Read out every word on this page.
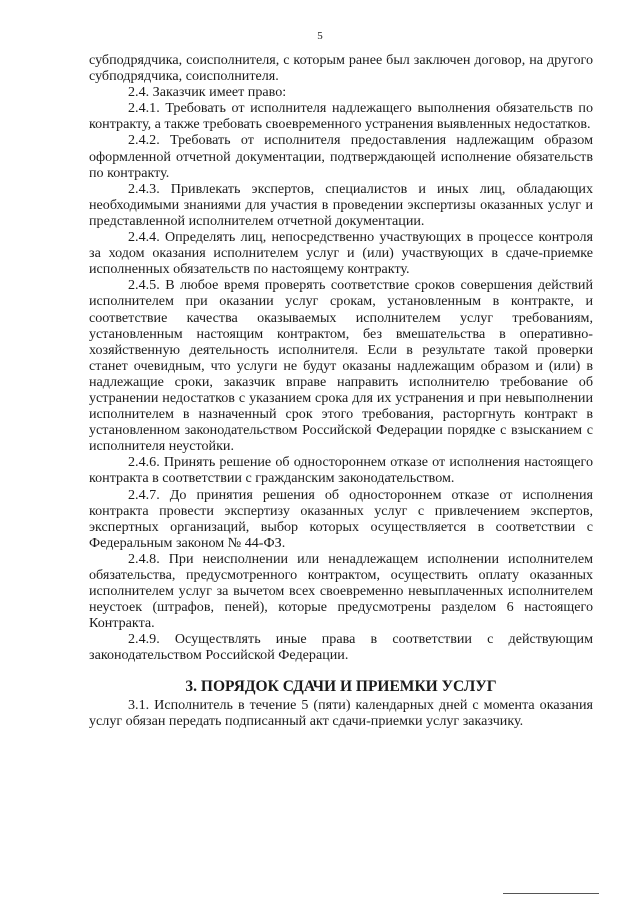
5

субподрядчика, соисполнителя, с которым ранее был заключен договор, на другого субподрядчика, соисполнителя.

2.4. Заказчик имеет право:

2.4.1. Требовать от исполнителя надлежащего выполнения обязательств по контракту, а также требовать своевременного устранения выявленных недостатков.

2.4.2. Требовать от исполнителя предоставления надлежащим образом оформленной отчетной документации, подтверждающей исполнение обязательств по контракту.

2.4.3. Привлекать экспертов, специалистов и иных лиц, обладающих необходимыми знаниями для участия в проведении экспертизы оказанных услуг и представленной исполнителем отчетной документации.

2.4.4. Определять лиц, непосредственно участвующих в процессе контроля за ходом оказания исполнителем услуг и (или) участвующих в сдаче-приемке исполненных обязательств по настоящему контракту.

2.4.5. В любое время проверять соответствие сроков совершения действий исполнителем при оказании услуг срокам, установленным в контракте, и соответствие качества оказываемых исполнителем услуг требованиям, установленным настоящим контрактом, без вмешательства в оперативно-хозяйственную деятельность исполнителя. Если в результате такой проверки станет очевидным, что услуги не будут оказаны надлежащим образом и (или) в надлежащие сроки, заказчик вправе направить исполнителю требование об устранении недостатков с указанием срока для их устранения и при невыполнении исполнителем в назначенный срок этого требования, расторгнуть контракт в установленном законодательством Российской Федерации порядке с взысканием с исполнителя неустойки.

2.4.6. Принять решение об одностороннем отказе от исполнения настоящего контракта в соответствии с гражданским законодательством.

2.4.7. До принятия решения об одностороннем отказе от исполнения контракта провести экспертизу оказанных услуг с привлечением экспертов, экспертных организаций, выбор которых осуществляется в соответствии с Федеральным законом № 44-ФЗ.

2.4.8. При неисполнении или ненадлежащем исполнении исполнителем обязательства, предусмотренного контрактом, осуществить оплату оказанных исполнителем услуг за вычетом всех своевременно невыплаченных исполнителем неустоек (штрафов, пеней), которые предусмотрены разделом 6 настоящего Контракта.

2.4.9. Осуществлять иные права в соответствии с действующим законодательством Российской Федерации.

3. ПОРЯДОК СДАЧИ И ПРИЕМКИ УСЛУГ

3.1. Исполнитель в течение 5 (пяти) календарных дней с момента оказания услуг обязан передать подписанный акт сдачи-приемки услуг заказчику.
